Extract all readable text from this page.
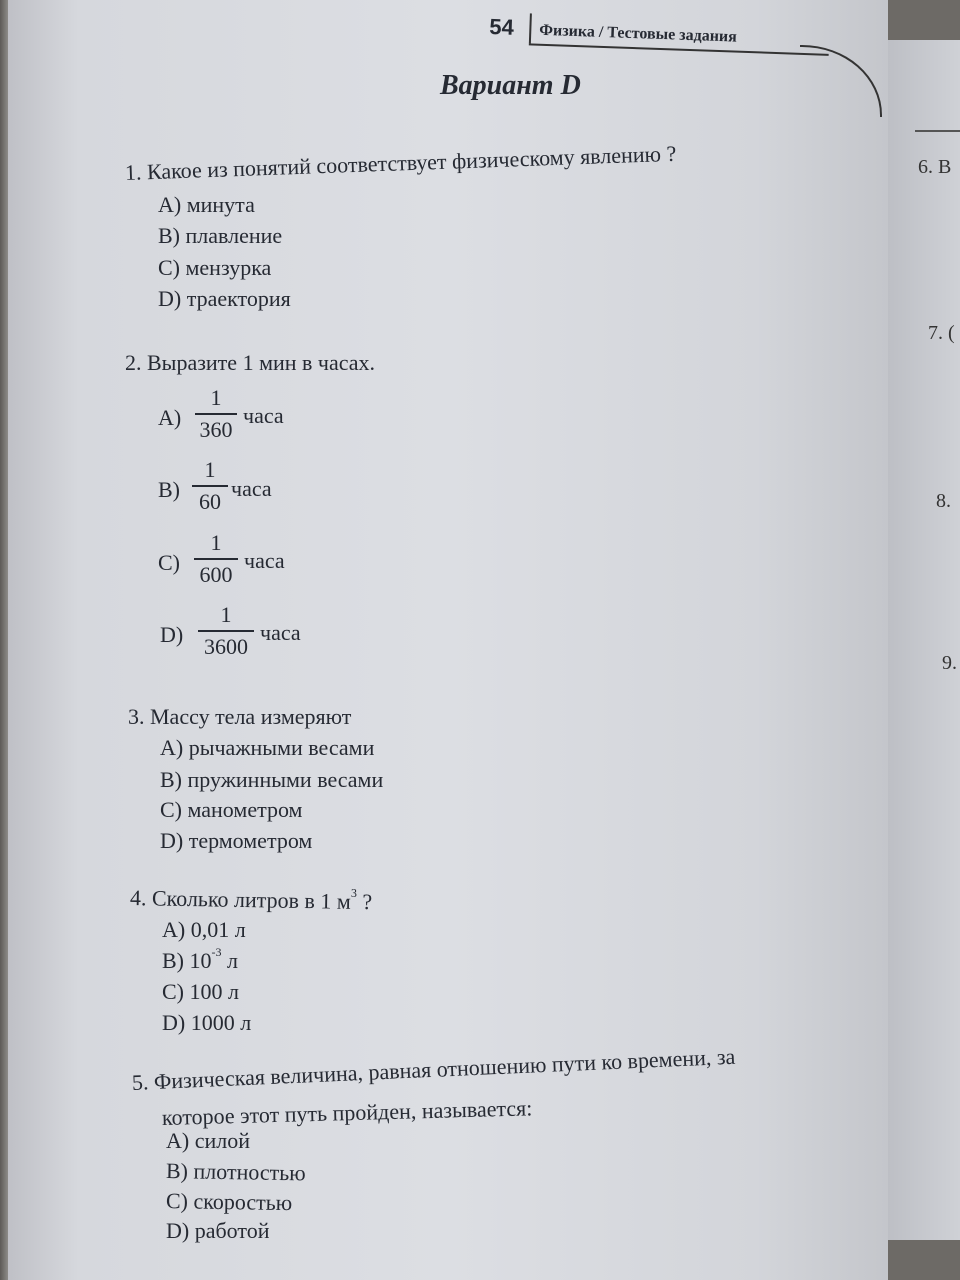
6. В
7. (
8.
9.
54 Физика / Тестовые задания
Вариант D
1. Какое из понятий соответствует физическому явлению ?
A) минута
B) плавление
C) мензурка
D) траектория
2. Выразите 1 мин в часах.
A)
1
360
часа
B)
1
60
часа
C)
1
600
часа
D)
1
3600
часа
3. Массу тела измеряют
A) рычажными весами
B) пружинными весами
C) манометром
D) термометром
4. Сколько литров в 1 $м^3$ ?
A) 0,01 л
B) $10^{-3}$ л
C) 100 л
D) 1000 л
5. Физическая величина, равная отношению пути ко времени, за
которое этот путь пройден, называется:
A) силой
B) плотностью
C) скоростью
D) работой
